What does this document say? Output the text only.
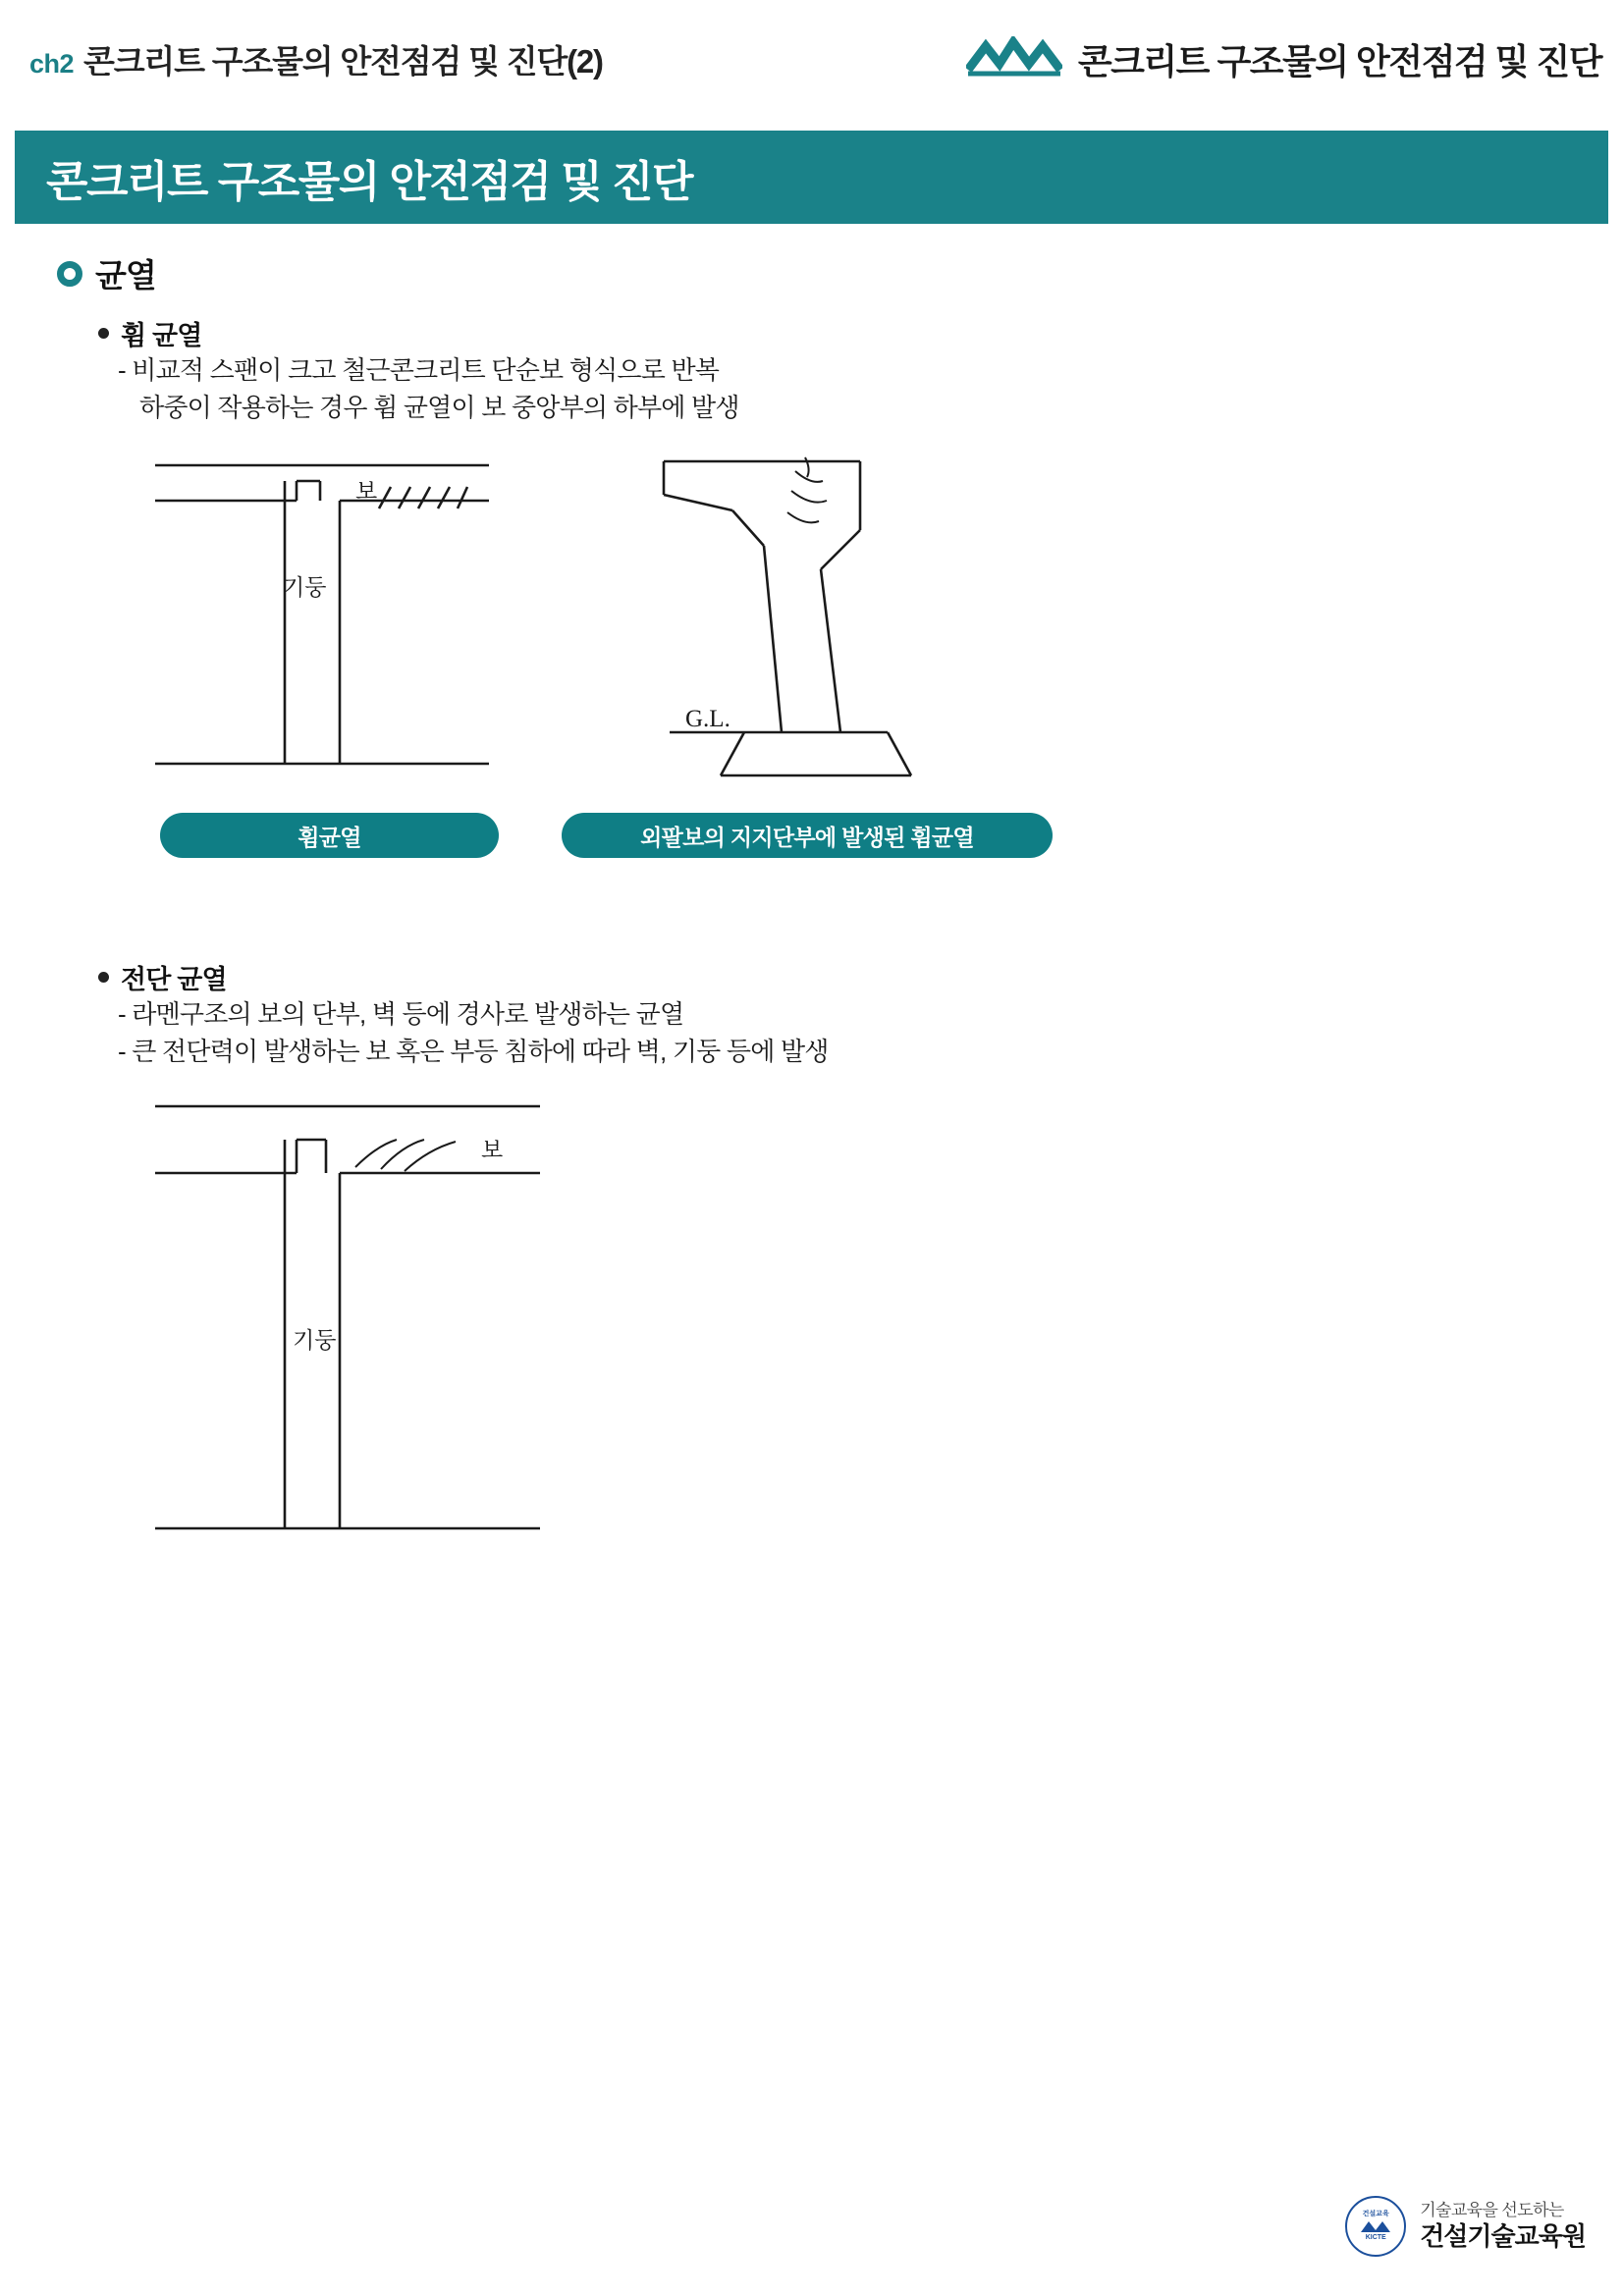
ch2 콘크리트 구조물의 안전점검 및 진단(2)	콘크리트 구조물의 안전점검 및 진단
콘크리트 구조물의 안전점검 및 진단
균열
휨 균열
- 비교적 스팬이 크고 철근콘크리트 단순보 형식으로 반복
하중이 작용하는 경우 휨 균열이 보 중앙부의 하부에 발생
보
기둥
G.L.
휨균열	외팔보의 지지단부에 발생된 휨균열
전단 균열
- 라멘구조의 보의 단부, 벽 등에 경사로 발생하는 균열
- 큰 전단력이 발생하는 보 혹은 부등 침하에 따라 벽, 기둥 등에 발생
보
기둥
건설교육
KICTE
기술교육을 선도하는
건설기술교육원
